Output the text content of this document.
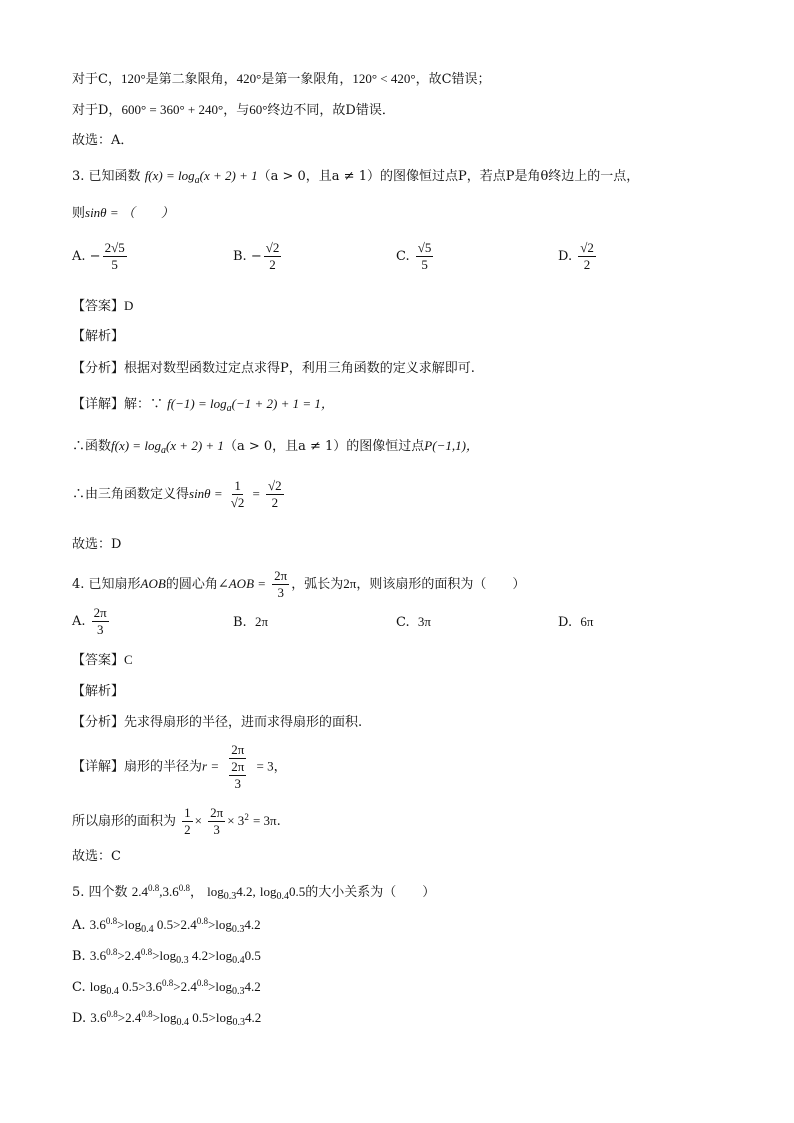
对于C，120°是第二象限角，420°是第一象限角，120° < 420°，故C错误；
对于D，600° = 360° + 240°，与60°终边不同，故D错误．
故选：A．
3. 已知函数 $f(x) = \log_a(x + 2) + 1(a > 0$，且a ≠ 1）的图像恒过点P，若点P是角θ终边上的一点，
则sinθ = （　　）
A. − $\frac{2√5}{5}$	B. − $\frac{√2}{2}$	C. $\frac{√5}{5}$	D. $\frac{√2}{2}$
【答案】D
【解析】
【分析】根据对数型函数过定点求得P，利用三角函数的定义求解即可.
【详解】解：∵ $f(-1) = \log_a(-1 + 2) + 1 = 1$，
∴函数$f(x) = \log_a(x + 2) + 1(a > 0$，且a ≠ 1）的图像恒过点P(−1,1)，
∴由三角函数定义得$\sin\theta = \frac{1}{√2} = \frac{√2}{2}$
故选：D
4. 已知扇形AOB的圆心角∠AOB = $\frac{2\pi}{3}$ ，弧长为2π，则该扇形的面积为（　　）
A. $\frac{2\pi}{3}$	B. 2π	C. 3π	D. 6π
【答案】C
【解析】
【分析】先求得扇形的半径，进而求得扇形的面积.
【详解】扇形的半径为$r = \frac{2\pi}{\frac{2\pi}{3}} = 3$，
所以扇形的面积为 $\frac{1}{2} \times \frac{2\pi}{3} \times 3^2 = 3\pi$.
故选：C
5. 四个数 $2.4^{0.8},3.6^{0.8}$， $\log_{0.3}4.2$, $\log_{0.4}0.5$的大小关系为（　　）
A. $3.6^{0.8}>\log_{0.4}$ $0.5>2.4^{0.8}>\log_{0.3}4.2$
B. $3.6^{0.8}>2.4^{0.8}>\log_{0.3}$ $4.2>\log_{0.4}0.5$
C. $\log_{0.4} 0.5>3.6^{0.8}>2.4^{0.8}>\log_{0.3}4.2$
D. $3.6^{0.8}>2.4^{0.8}>\log_{0.4}$ $0.5>\log_{0.3}4.2$
